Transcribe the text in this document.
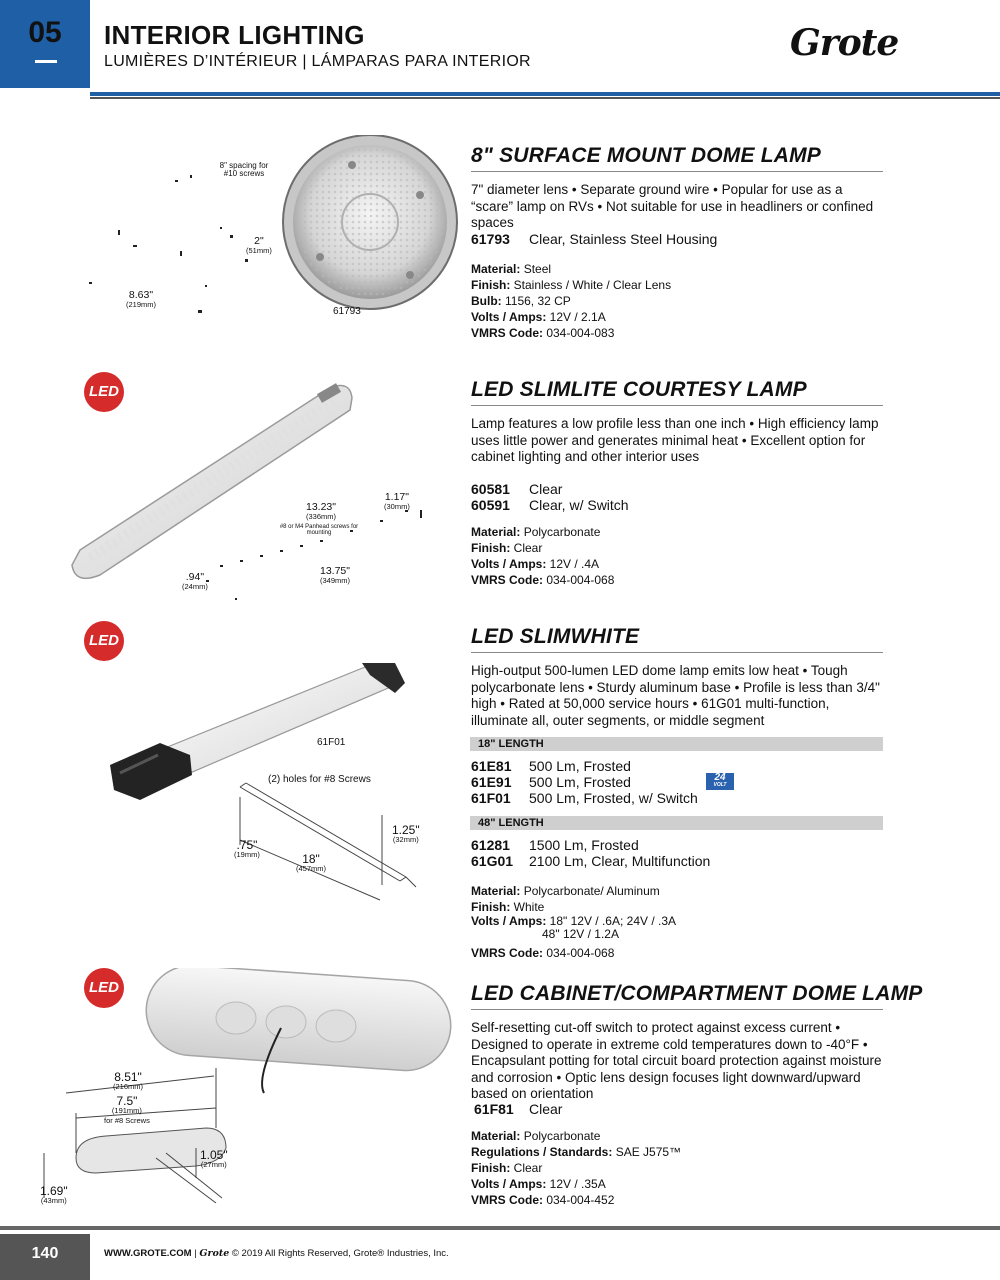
05	INTERIOR LIGHTING
LUMIÈRES D’INTÉRIEUR | LÁMPARAS PARA INTERIOR	Grote
8" spacing for #10 screws
2"
(51mm)
8.63"
(219mm)
61793
8" SURFACE MOUNT DOME LAMP
7" diameter lens • Separate ground wire • Popular for use as a “scare” lamp on RVs • Not suitable for use in headliners or confined spaces
61793	Clear, Stainless Steel Housing
Material: Steel
Finish: Stainless / White / Clear Lens
Bulb: 1156, 32 CP
Volts / Amps: 12V / 2.1A
VMRS Code: 034-004-083
LED
13.23"
(336mm)
#8 or M4 Panhead screws for mounting
1.17"
(30mm)
13.75"
(349mm)
.94"
(24mm)
LED SLIMLITE COURTESY LAMP
Lamp features a low profile less than one inch • High efficiency lamp uses little power and generates minimal heat • Excellent option for cabinet lighting and other interior uses
60581	Clear
60591	Clear, w/ Switch
Material: Polycarbonate
Finish: Clear
Volts / Amps: 12V / .4A
VMRS Code: 034-004-068
LED
61F01
(2) holes for #8 Screws
1.25"
(32mm)
.75"
(19mm)	18"
(457mm)
LED SLIMWHITE
High-output 500-lumen LED dome lamp emits low heat • Tough polycarbonate lens • Sturdy aluminum base • Profile is less than 3/4" high • Rated at 50,000 service hours • 61G01 multi-function, illuminate all, outer segments, or middle segment
18" LENGTH
61E81	500 Lm, Frosted
61E91	500 Lm, Frosted	24
VOLT
61F01	500 Lm, Frosted, w/ Switch
48" LENGTH
61281	1500 Lm, Frosted
61G01	2100 Lm, Clear, Multifunction
Material: Polycarbonate/ Aluminum
Finish: White
Volts / Amps: 18" 12V / .6A; 24V / .3A
48" 12V / 1.2A
VMRS Code: 034-004-068
LED
8.51"
(216mm)
7.5"
(191mm)
for #8 Screws
1.05"
(27mm)
1.69"
(43mm)
LED CABINET/COMPARTMENT DOME LAMP
Self-resetting cut-off switch to protect against excess current • Designed to operate in extreme cold temperatures down to -40°F • Encapsulant potting for total circuit board protection against moisture and corrosion • Optic lens design focuses light downward/upward based on orientation
61F81	Clear
Material: Polycarbonate
Regulations / Standards: SAE J575™
Finish: Clear
Volts / Amps: 12V / .35A
VMRS Code: 034-004-452
140	WWW.GROTE.COM | Grote © 2019 All Rights Reserved, Grote® Industries, Inc.
